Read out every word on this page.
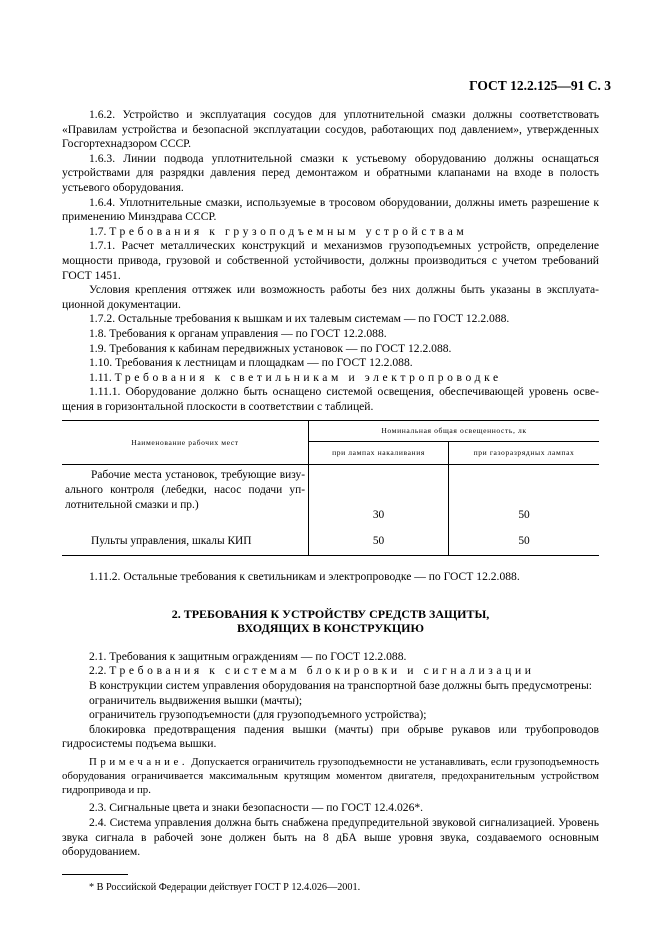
ГОСТ 12.2.125—91 С. 3

1.6.2. Устройство и эксплуатация сосудов для уплотнительной смазки должны соответствовать «Правилам устройства и безопасной эксплуатации сосудов, работающих под давлением», утвержденных Госгортехнадзором СССР.

1.6.3. Линии подвода уплотнительной смазки к устьевому оборудованию должны оснащаться устройствами для разрядки давления перед демонтажом и обратными клапанами на входе в полость устьевого оборудования.

1.6.4. Уплотнительные смазки, используемые в тросовом оборудовании, должны иметь разрешение к применению Минздрава СССР.

1.7. Требования к грузоподъемным устройствам

1.7.1. Расчет металлических конструкций и механизмов грузоподъемных устройств, определение мощности привода, грузовой и собственной устойчивости, должны производиться с учетом требований ГОСТ 1451.

Условия крепления оттяжек или возможность работы без них должны быть указаны в эксплуатационной документации.

1.7.2. Остальные требования к вышкам и их талевым системам — по ГОСТ 12.2.088.

1.8. Требования к органам управления — по ГОСТ 12.2.088.

1.9. Требования к кабинам передвижных установок — по ГОСТ 12.2.088.

1.10. Требования к лестницам и площадкам — по ГОСТ 12.2.088.

1.11. Требования к светильникам и электропроводке

1.11.1. Оборудование должно быть оснащено системой освещения, обеспечивающей уровень освещения в горизонтальной плоскости в соответствии с таблицей.

Наименование рабочих мест	Номинальная общая освещенность, лк	
	при лампах накаливания	при газоразрядных лампах
Рабочие места установок, требующие визуального контроля (лебедки, насос подачи уплотнительной смазки и пр.)	30	50
Пульты управления, шкалы КИП	50	50

1.11.2. Остальные требования к светильникам и электропроводке — по ГОСТ 12.2.088.

2. ТРЕБОВАНИЯ К УСТРОЙСТВУ СРЕДСТВ ЗАЩИТЫ,
ВХОДЯЩИХ В КОНСТРУКЦИЮ

2.1. Требования к защитным ограждениям — по ГОСТ 12.2.088.

2.2. Требования к системам блокировки и сигнализации

В конструкции систем управления оборудования на транспортной базе должны быть предусмотрены:

ограничитель выдвижения вышки (мачты);

ограничитель грузоподъемности (для грузоподъемного устройства);

блокировка предотвращения падения вышки (мачты) при обрыве рукавов или трубопроводов гидросистемы подъема вышки.

Примечание. Допускается ограничитель грузоподъемности не устанавливать, если грузоподъемность оборудования ограничивается максимальным крутящим моментом двигателя, предохранительным устройством гидропривода и пр.

2.3. Сигнальные цвета и знаки безопасности — по ГОСТ 12.4.026*.

2.4. Система управления должна быть снабжена предупредительной звуковой сигнализацией. Уровень звука сигнала в рабочей зоне должен быть на 8 дБА выше уровня звука, создаваемого основным оборудованием.

* В Российской Федерации действует ГОСТ Р 12.4.026—2001.
